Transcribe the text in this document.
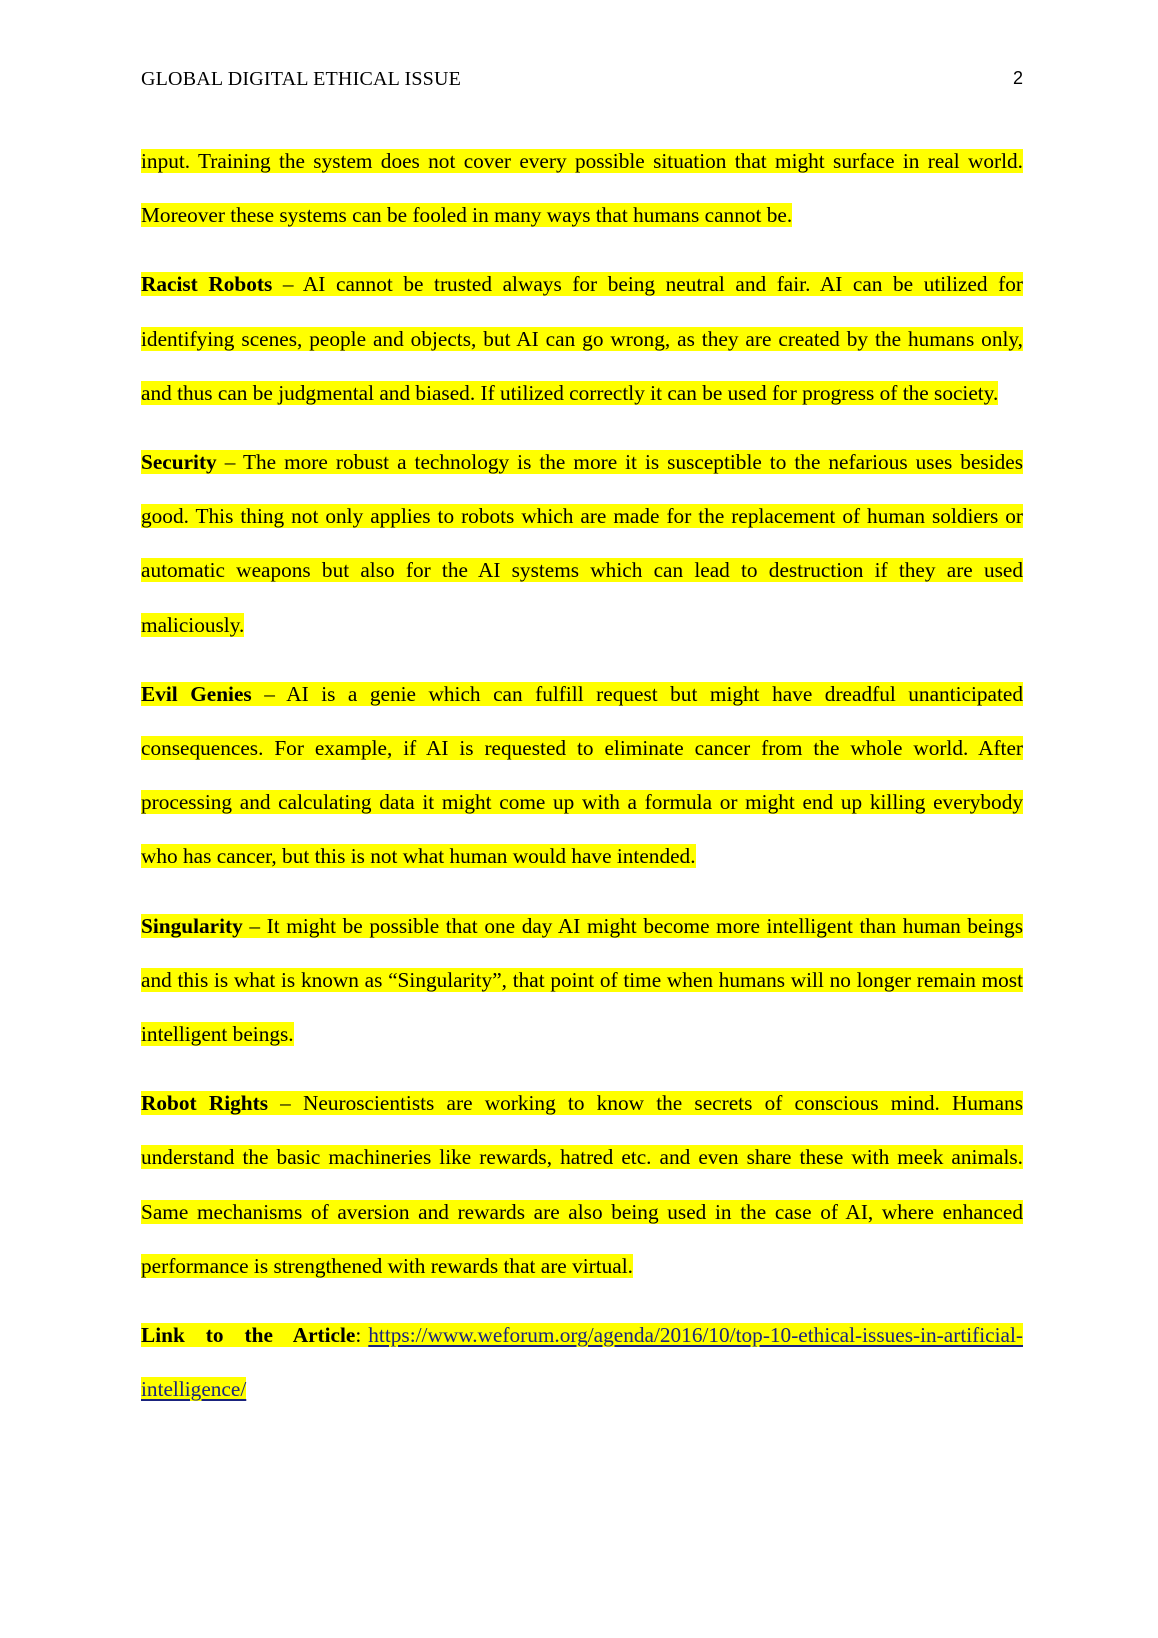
GLOBAL DIGITAL ETHICAL ISSUE	2

input. Training the system does not cover every possible situation that might surface in real world. Moreover these systems can be fooled in many ways that humans cannot be.

Racist Robots – AI cannot be trusted always for being neutral and fair. AI can be utilized for identifying scenes, people and objects, but AI can go wrong, as they are created by the humans only, and thus can be judgmental and biased. If utilized correctly it can be used for progress of the society.

Security – The more robust a technology is the more it is susceptible to the nefarious uses besides good. This thing not only applies to robots which are made for the replacement of human soldiers or automatic weapons but also for the AI systems which can lead to destruction if they are used maliciously.

Evil Genies – AI is a genie which can fulfill request but might have dreadful unanticipated consequences. For example, if AI is requested to eliminate cancer from the whole world. After processing and calculating data it might come up with a formula or might end up killing everybody who has cancer, but this is not what human would have intended.

Singularity – It might be possible that one day AI might become more intelligent than human beings and this is what is known as “Singularity”, that point of time when humans will no longer remain most intelligent beings.

Robot Rights – Neuroscientists are working to know the secrets of conscious mind. Humans understand the basic machineries like rewards, hatred etc. and even share these with meek animals. Same mechanisms of aversion and rewards are also being used in the case of AI, where enhanced performance is strengthened with rewards that are virtual.

Link to the Article: https://www.weforum.org/agenda/2016/10/top-10-ethical-issues-in-artificial-intelligence/
